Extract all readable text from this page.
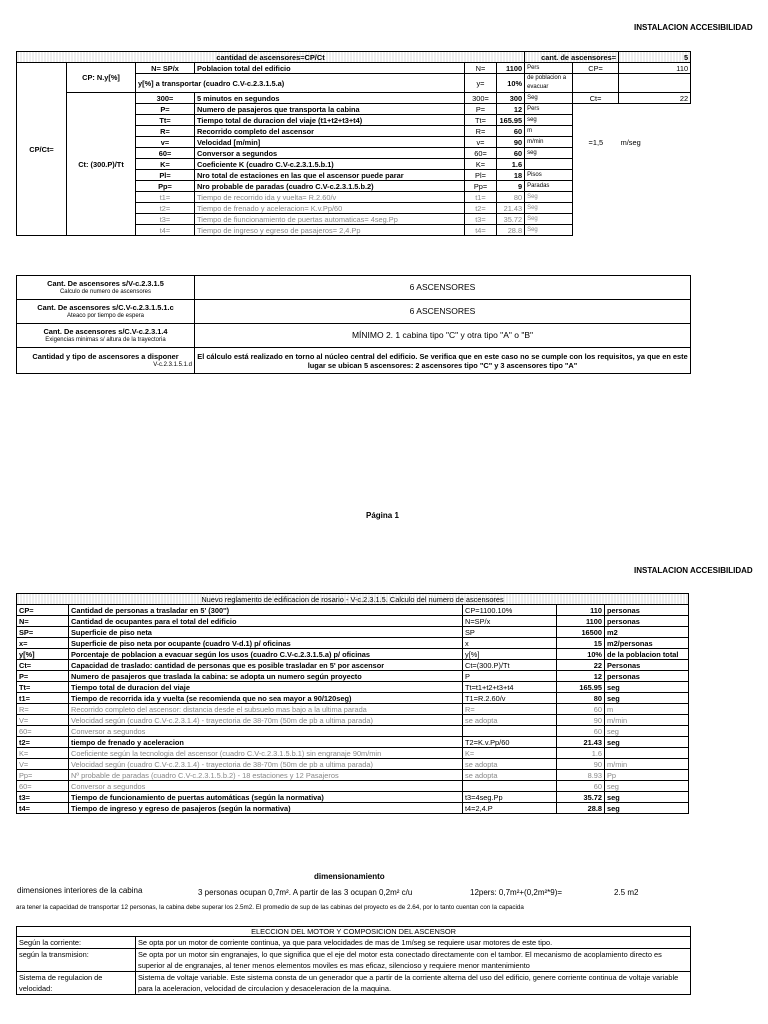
INSTALACION ACCESIBILIDAD
cantidad de ascensores=CP/Ct						cant. de ascensores=		5
CP/Ct=	CP: N.y[%]	N= SP/x	Poblacion total del edificio	N=	1100	Pers	CP=	110
		y[%] a transportar (cuadro C.V-c.2.3.1.5.a)		y=	10%	de poblacion a evacuar		
	Ct: (300.P)/Tt	300=	5 minutos en segundos	300=	300	Seg	Ct=	22
		P=	Numero de pasajeros que transporta la cabina	P=	12	Pers		
		Tt=	Tiempo total de duracion del viaje (t1+t2+t3+t4)	Tt=	165.95	seg		
		R=	Recorrido completo del ascensor	R=	60	m		
		v=	Velocidad [m/min]	v=	90	m/min	=1,5	m/seg
		60=	Conversor a segundos	60=	60	seg		
		K=	Coeficiente K (cuadro C.V-c.2.3.1.5.b.1)	K=	1.6			
		Pl=	Nro total de estaciones en las que el ascensor puede parar	Pl=	18	Pisos		
		Pp=	Nro probable de paradas (cuadro C.V-c.2.3.1.5.b.2)	Pp=	9	Paradas		
		t1=	Tiempo de recorrido ida y vuelta= R.2.60/v	t1=	80	Seg		
		t2=	Tiempo de frenado y aceleracion= K.v.Pp/60	t2=	21.43	Seg		
		t3=	Tiempo de fiuncionamiento de puertas automaticas= 4seg.Pp	t3=	35.72	Seg		
		t4=	Tiempo de ingreso y egreso de pasajeros= 2,4.Pp	t4=	28.8	Seg		
Cant. De ascensores s/V-c.2.3.1.5
Calculo de numero de ascensores	6 ASCENSORES

Cant. De ascensores s/C.V-c.2.3.1.5.1.c
Ateaco por tiempo de espera	6 ASCENSORES

Cant. De ascensores s/C.V-c.2.3.1.4
Exigencias minimas s/ altura de la trayectoria	MÍNIMO 2. 1 cabina tipo "C" y otra tipo "A" o "B"

Cantidad y tipo de ascensores a disponer
V-c.2.3.1.5.1.d	El cálculo está realizado en torno al núcleo central del edificio. Se verifica que en este caso no se cumple con los requisitos, ya que en este lugar se ubican 5 ascensores: 2 ascensores tipo "C" y 3 ascensores tipo "A"
Página 1
INSTALACION ACCESIBILIDAD
Nuevo reglamento de edificacion de rosario - V-c.2.3.1.5. Calculo del numero de ascensores				
CP=	Cantidad de personas a trasladar en 5' (300'')	CP=1100.10%	110	personas
N=	Cantidad de ocupantes para el total del edificio	N=SP/x	1100	personas
SP=	Superficie de piso neta	SP	16500	m2
x=	Superficie de piso neta por ocupante (cuadro V-d.1) p/ oficinas	x	15	m2/personas
y[%]	Porcentaje de poblacion a evacuar según los usos (cuadro C.V-c.2.3.1.5.a) p/ oficinas	y[%]	10%	de la poblacion total
Ct=	Capacidad de traslado: cantidad de personas que es posible trasladar en 5' por ascensor	Ct=(300.P)/Tt	22	Personas
P=	Numero de pasajeros que traslada la cabina: se adopta un numero según proyecto	P	12	personas
Tt=	Tiempo total de duracion del viaje	Tt=t1+t2+t3+t4	165.95	seg
t1=	Tiempo de recorrida ida y vuelta (se recomienda que no sea mayor a 90/120seg)	T1=R.2.60/v	80	seg
R=	Recorrido completo del ascensor: distancia desde el subsuelo mas bajo a la ultima parada	R=	60	m
V=	Velocidad según (cuadro C.V-c.2.3.1.4) - trayectoria de 38-70m (50m de pb a ultima parada)	se adopta	90	m/min
60=	Conversor a segundos		60	seg
t2=	tiempo de frenado y aceleracion	T2=K.v.Pp/60	21.43	seg
K=	Coeficiente según la tecnologia del ascensor (cuadro C.V-c.2.3.1.5.b.1) sin engranaje 90m/min	K=	1.6	
V=	Velocidad según (cuadro C.V-c.2.3.1.4) - trayectoria de 38-70m (50m de pb a ultima parada)	se adopta	90	m/min
Pp=	Nº probable de paradas (cuadro C.V-c.2.3.1.5.b.2) - 18 estaciones y 12 Pasajeros	se adopta	8.93	Pp
60=	Conversor a segundos		60	seg
t3=	Tiempo de funcionamiento de puertas automáticas (según la normativa)	t3=4seg.Pp	35.72	seg
t4=	Tiempo de ingreso y egreso de pasajeros (según la normativa)	t4=2,4.P	28.8	seg
dimensionamiento
dimensiones interiores de la cabina	3 personas ocupan 0,7m². A partir de las 3 ocupan 0,2m² c/u	12pers: 0,7m²+(0,2m²*9)=	2.5 m2
ara tener la capacidad de transportar 12 personas, la cabina debe superar los 2.5m2. El promedio de sup de las cabinas del proyecto es de 2.64, por lo tanto cuentan con la capacida
ELECCION DEL MOTOR Y COMPOSICION DEL ASCENSOR	
Según la corriente:	Se opta por un motor de corriente continua, ya que para velocidades de mas de 1m/seg se requiere usar motores de este tipo.
según la transmision:	Se opta por un motor sin engranajes, lo que significa que el eje del motor esta conectado directamente con el tambor. El mecanismo de acoplamiento directo es superior al de engranajes, al tener menos elementos moviles es mas eficaz, silencioso y requiere menor mantenimiento
Sistema de regulacion de velocidad:	Sistema de voltaje variable. Este sistema consta de un generador que a partir de la corriente alterna del uso del edificio, genere corriente continua de voltaje variable para la aceleracion, velocidad de circulacion y desaceleracion de la maquina.
